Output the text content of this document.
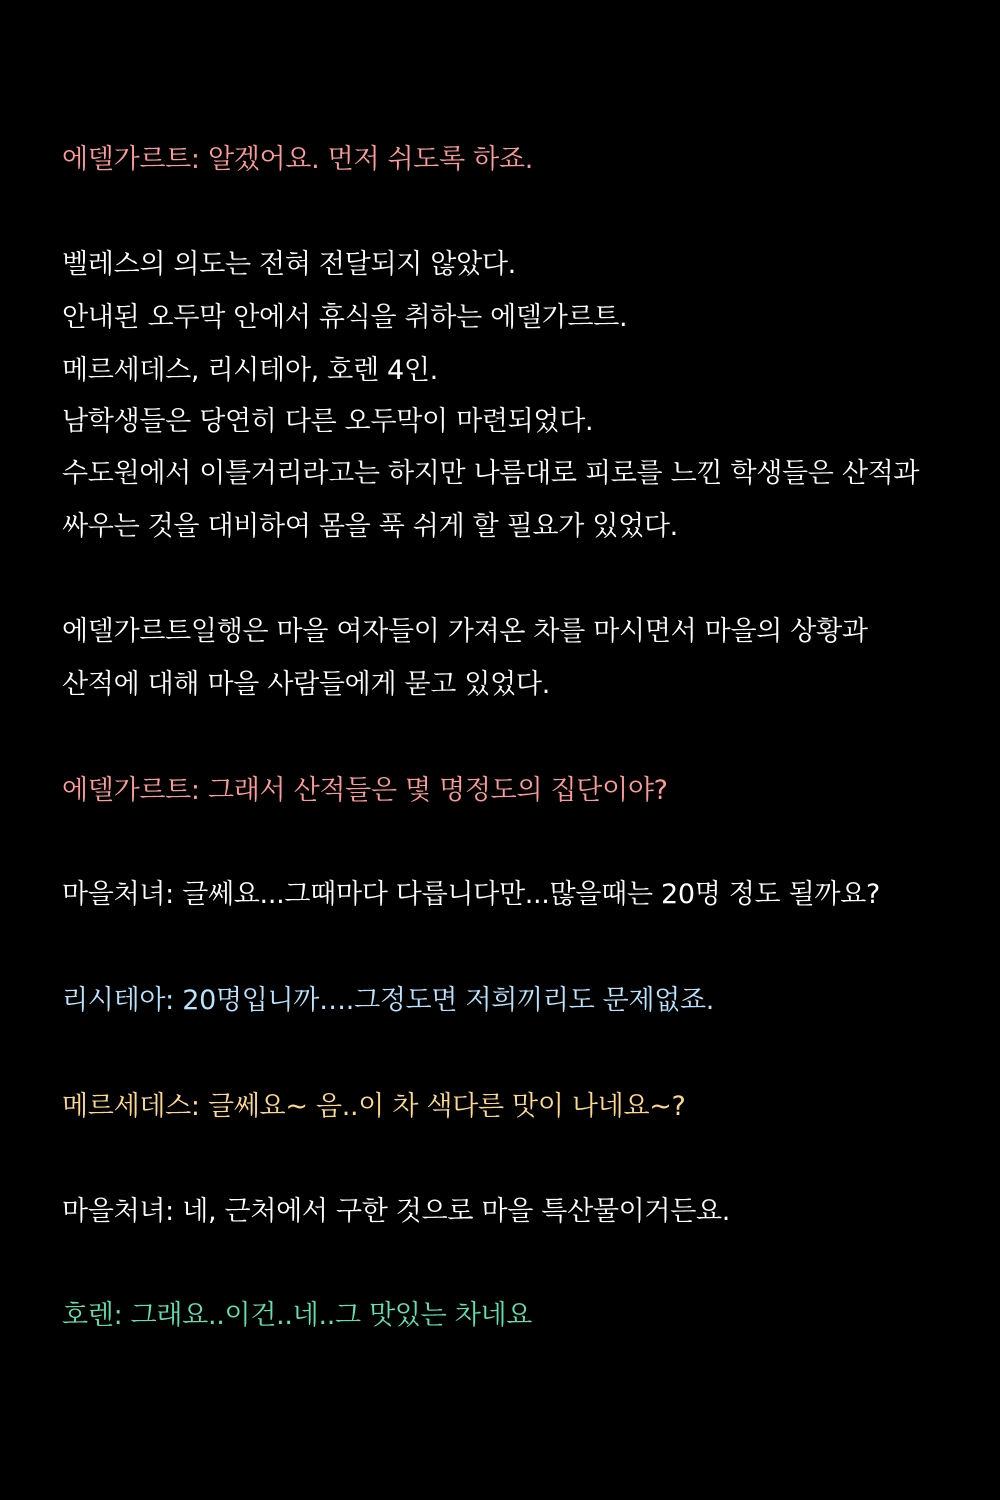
에델가르트: 알겠어요. 먼저 쉬도록 하죠.
벨레스의 의도는 전혀 전달되지 않았다.
안내된 오두막 안에서 휴식을 취하는 에델가르트.
메르세데스, 리시테아, 호렌 4인.
남학생들은 당연히 다른 오두막이 마련되었다.
수도원에서 이틀거리라고는 하지만 나름대로 피로를 느낀 학생들은 산적과
싸우는 것을 대비하여 몸을 푹 쉬게 할 필요가 있었다.
에델가르트일행은 마을 여자들이 가져온 차를 마시면서 마을의 상황과
산적에 대해 마을 사람들에게 묻고 있었다.
에델가르트: 그래서 산적들은 몇 명정도의 집단이야?
마을처녀: 글쎄요...그때마다 다릅니다만...많을때는 20명 정도 될까요?
리시테아: 20명입니까….그정도면 저희끼리도 문제없죠.
메르세데스: 글쎄요~ 음..이 차 색다른 맛이 나네요~?
마을처녀: 네, 근처에서 구한 것으로 마을 특산물이거든요.
호렌: 그래요..이건..네..그 맛있는 차네요
